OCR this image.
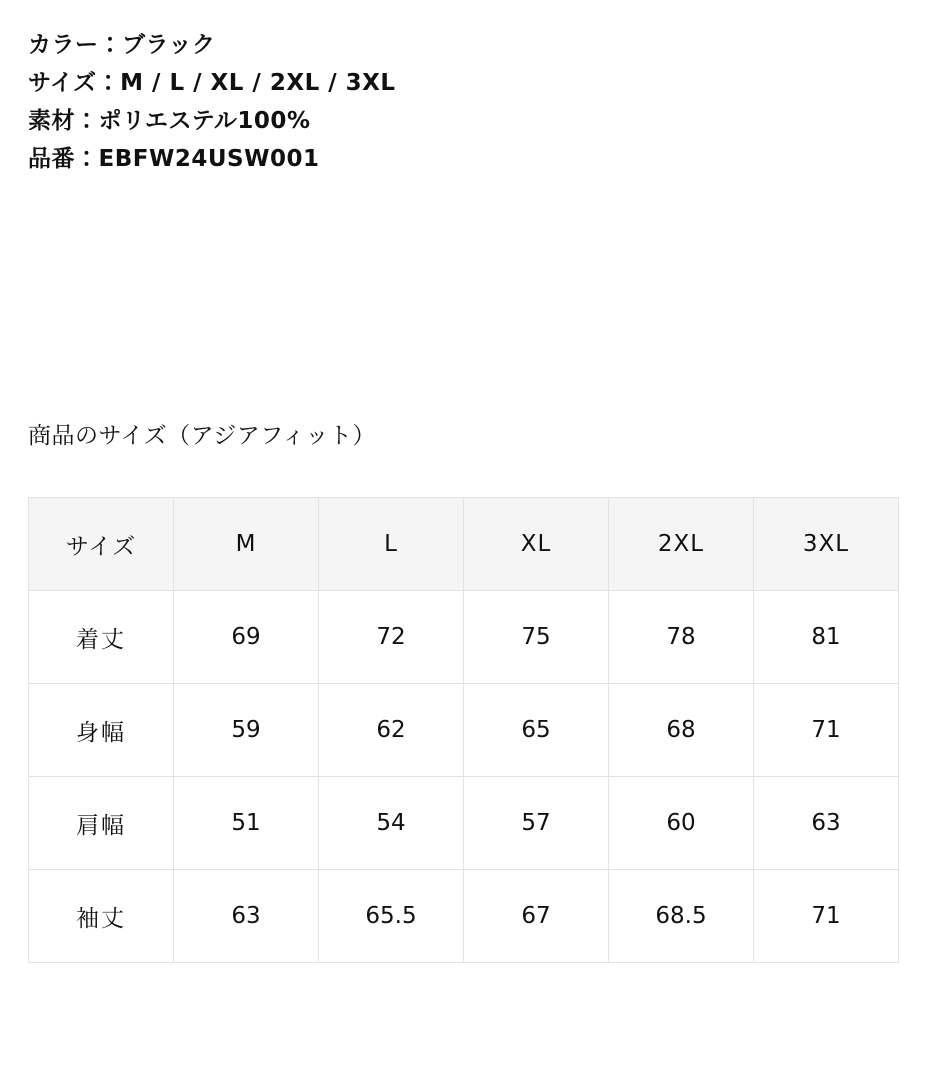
カラー：ブラック
サイズ：M / L / XL / 2XL / 3XL
素材：ポリエステル100%
品番：EBFW24USW001
商品のサイズ（アジアフィット）
サイズ	M	L	XL	2XL	3XL
着丈	69	72	75	78	81
身幅	59	62	65	68	71
肩幅	51	54	57	60	63
袖丈	63	65.5	67	68.5	71
